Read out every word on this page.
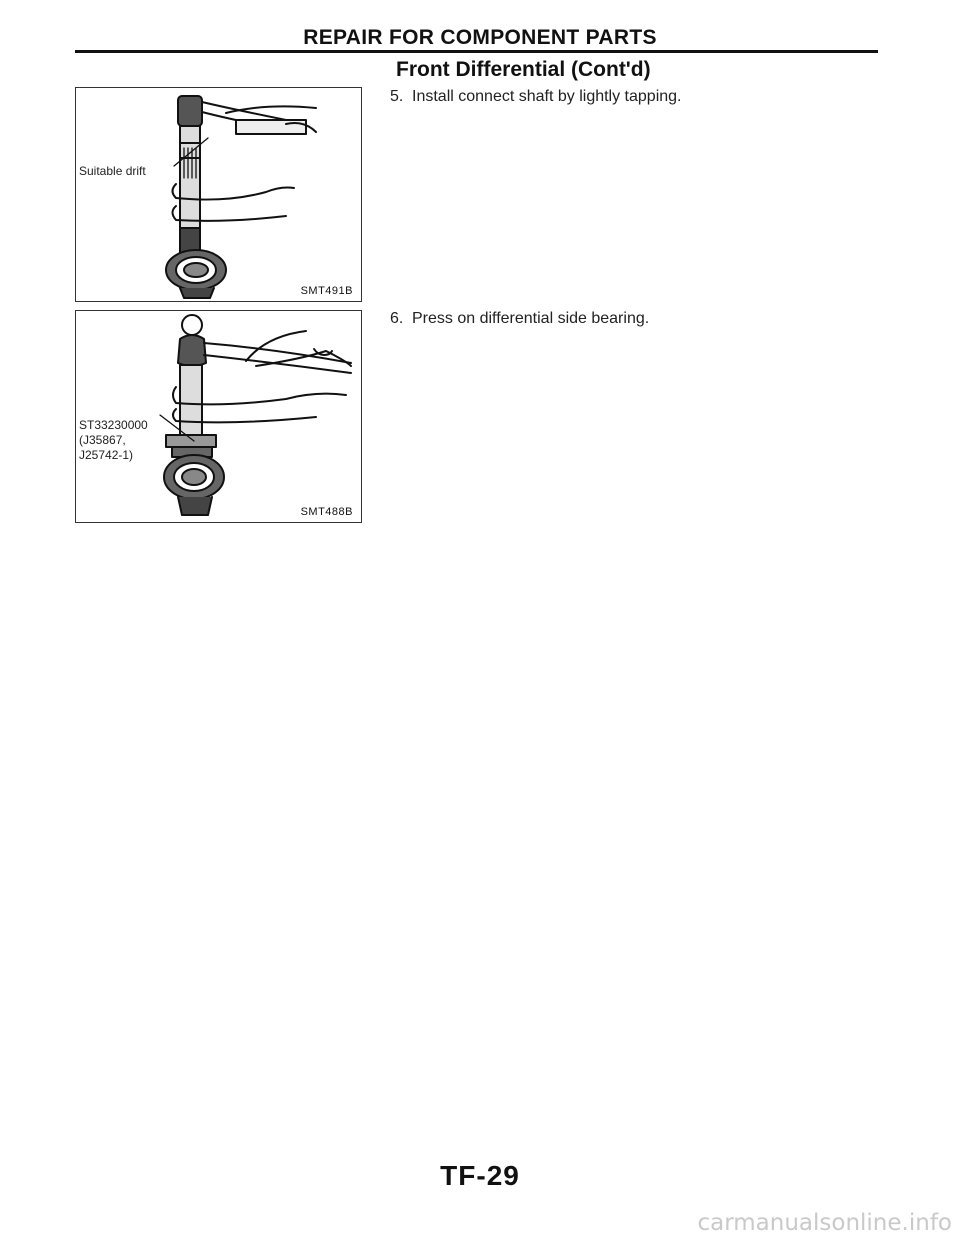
REPAIR FOR COMPONENT PARTS
Front Differential (Cont'd)
5. Install connect shaft by lightly tapping.
6. Press on differential side bearing.
Suitable drift
SMT491B
ST33230000
(J35867,
J25742-1)
SMT488B
TF-29
carmanualsonline.info
